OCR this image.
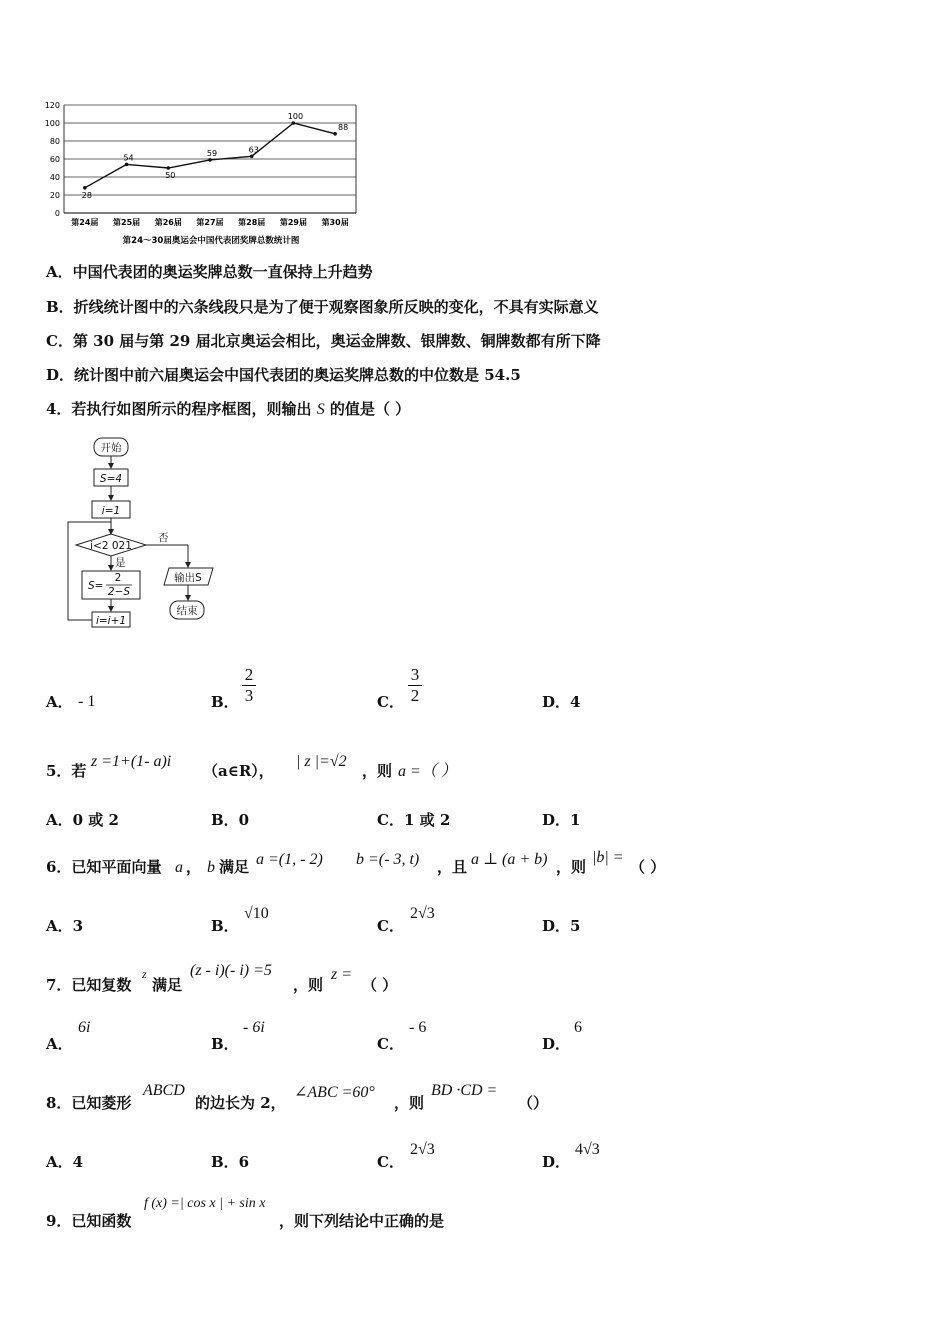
0
20
40
60
80
100
120
第24届 第25届 第26届 第27届 第28届 第29届 第30届
28
54
50
59	63
100
88
第24～30届奥运会中国代表团奖牌总数统计图
A．中国代表团的奥运奖牌总数一直保持上升趋势
B．折线统计图中的六条线段只是为了便于观察图象所反映的变化，不具有实际意义
C．第 30 届与第 29 届北京奥运会相比，奥运金牌数、银牌数、铜牌数都有所下降
D．统计图中前六届奥运会中国代表团的奥运奖牌总数的中位数是 54.5
4．若执行如图所示的程序框图，则输出 S 的值是（ ）
开始
S=4
i=1
i<2 021
否
是
S=
2
2−S
i=i+1
输出S
结束
A． - 1	B．
2
3	C．
3
2	D．4
5．若
z =1+(1- a)i
（a∈R），
| z |=√2
，则 a =（ ）
A．0 或 2	B．0	C．1 或 2	D．1
6．已知平面向量 a ， b 满足 a =(1, - 2) b =(- 3, t) ，且 a ⊥ (a + b) ，则
|b| =
（ ）
A．3	B．
√10
C．
2√3
D．5
7．已知复数
z
满足
(z - i)(- i) =5
，则
z =
（ ）
A．
6i
B．
- 6i
C．
- 6
D．
6
8．已知菱形
ABCD
的边长为 2，
∠ABC =60°
，则
BD ·CD =
（）
A．4	B．6	C．
2√3
D．
4√3
9．已知函数
f (x) =| cos x | + sin x
，则下列结论中正确的是
